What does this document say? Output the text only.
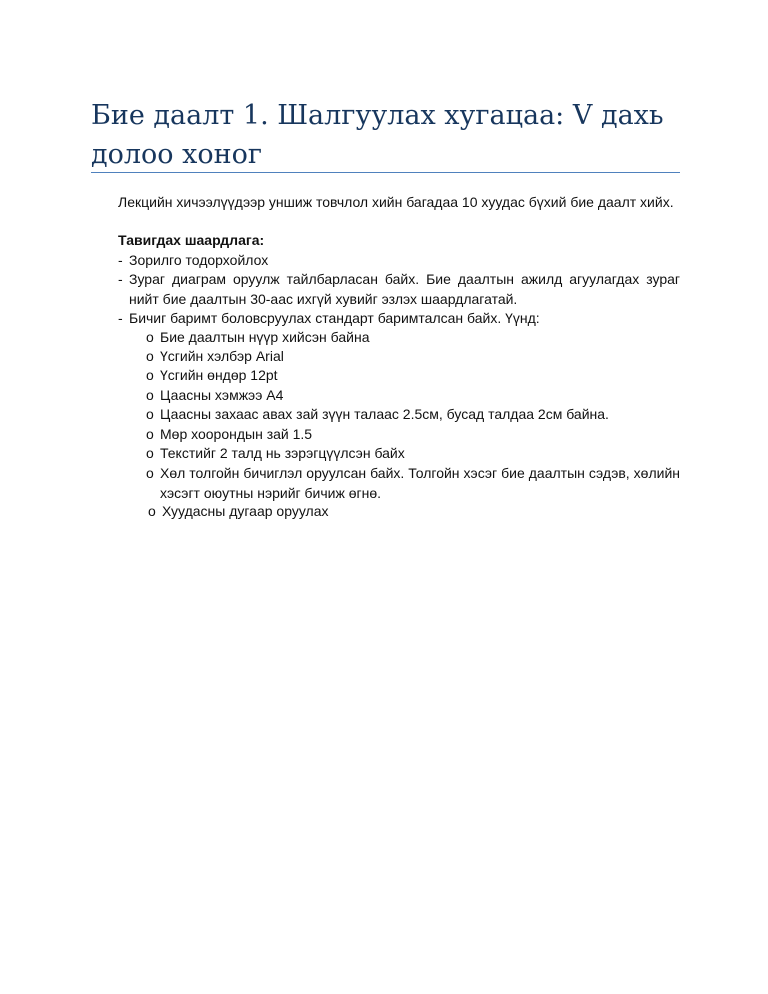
Бие даалт 1. Шалгуулах хугацаа: V дахь долоо хоног
Лекцийн хичээлүүдээр уншиж товчлол хийн багадаа 10 хуудас бүхий бие даалт хийх.
Тавигдах шаардлага:
- Зорилго тодорхойлох
- Зураг диаграм оруулж тайлбарласан байх. Бие даалтын ажилд агуулагдах зураг нийт бие даалтын 30-аас ихгүй хувийг эзлэх шаардлагатай.
- Бичиг баримт боловсруулах стандарт баримталсан байх. Үүнд:
o Бие даалтын нүүр хийсэн байна
o Үсгийн хэлбэр Arial
o Үсгийн өндөр 12pt
o Цаасны хэмжээ A4
o Цаасны захаас авах зай зүүн талаас 2.5см, бусад талдаа 2см байна.
o Мөр хоорондын зай 1.5
o Текстийг 2 талд нь зэрэгцүүлсэн байх
o Хөл толгойн бичиглэл оруулсан байх. Толгойн хэсэг бие даалтын сэдэв, хөлийн хэсэгт оюутны нэрийг бичиж өгнө.
o Хуудасны дугаар оруулах
